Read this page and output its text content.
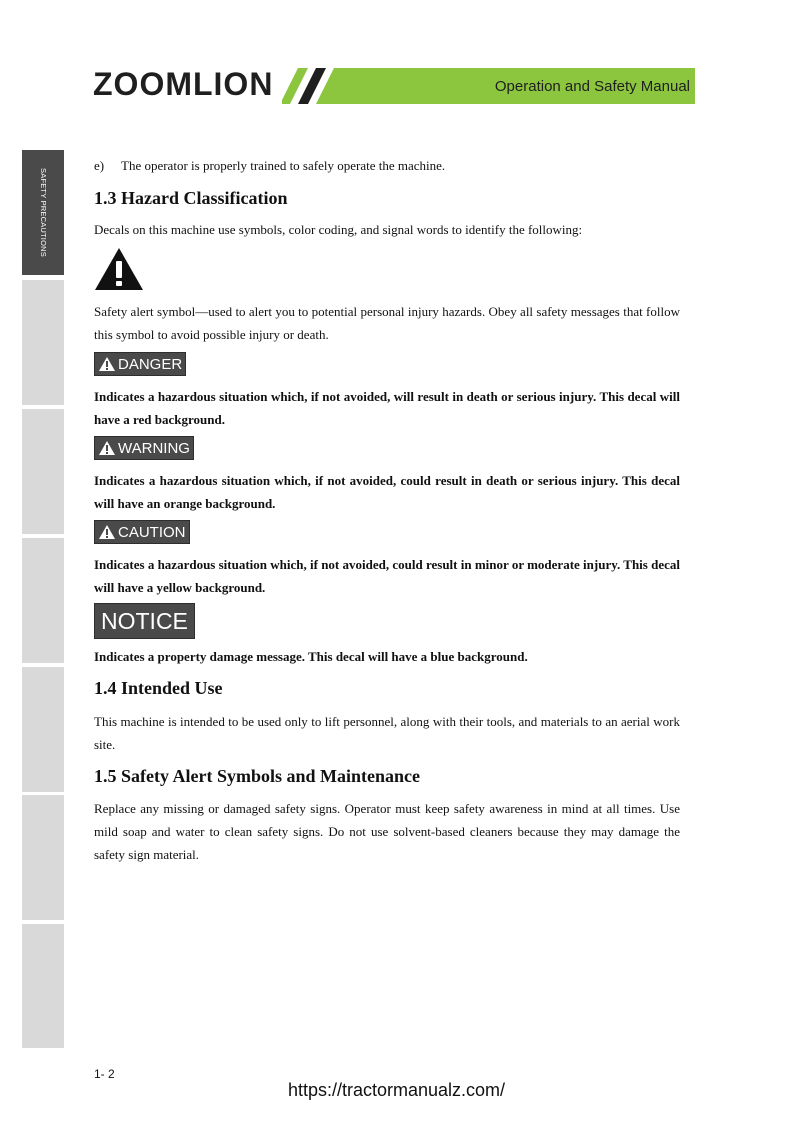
ZOOMLION	Operation and Safety Manual
SAFETY PRECAUTIONS

e) The operator is properly trained to safely operate the machine.

1.3 Hazard Classification

Decals on this machine use symbols, color coding, and signal words to identify the following:

Safety alert symbol—used to alert you to potential personal injury hazards. Obey all safety messages that follow this symbol to avoid possible injury or death.

DANGER

Indicates a hazardous situation which, if not avoided, will result in death or serious injury. This decal will have a red background.

WARNING

Indicates a hazardous situation which, if not avoided, could result in death or serious injury. This decal will have an orange background.

CAUTION

Indicates a hazardous situation which, if not avoided, could result in minor or moderate injury. This decal will have a yellow background.

NOTICE

Indicates a property damage message. This decal will have a blue background.

1.4 Intended Use

This machine is intended to be used only to lift personnel, along with their tools, and materials to an aerial work site.

1.5 Safety Alert Symbols and Maintenance

Replace any missing or damaged safety signs. Operator must keep safety awareness in mind at all times. Use mild soap and water to clean safety signs. Do not use solvent-based cleaners because they may damage the safety sign material.

1- 2
https://tractormanualz.com/
